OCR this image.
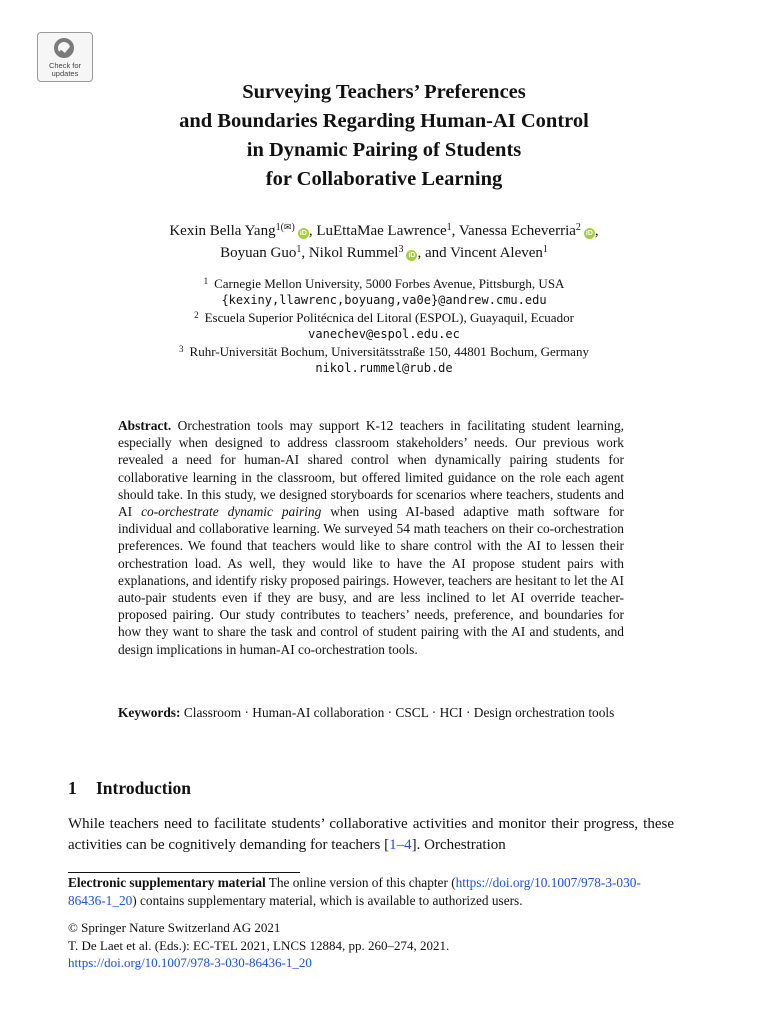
Check for
updates
Surveying Teachers’ Preferences
and Boundaries Regarding Human-AI Control
in Dynamic Pairing of Students
for Collaborative Learning
Kexin Bella Yang$^{1(✉)}$iD , LuEttaMae Lawrence$^1$, Vanessa Echeverria$^2$iD ,
Boyuan Guo$^1$, Nikol Rummel$^3$iD , and Vincent Aleven$^1$
$^1$ Carnegie Mellon University, 5000 Forbes Avenue, Pittsburgh, USA
{kexiny,llawrenc,boyuang,va0e}@andrew.cmu.edu
$^2$ Escuela Superior Politécnica del Litoral (ESPOL), Guayaquil, Ecuador
vanechev@espol.edu.ec
$^3$ Ruhr-Universität Bochum, Universitätsstraße 150, 44801 Bochum, Germany
nikol.rummel@rub.de
Abstract. Orchestration tools may support K-12 teachers in facilitating student learning, especially when designed to address classroom stakeholders’ needs. Our previous work revealed a need for human-AI shared control when dynamically pairing students for collaborative learning in the classroom, but offered limited guidance on the role each agent should take. In this study, we designed storyboards for scenarios where teachers, students and AI co-orchestrate dynamic pairing when using AI-based adaptive math software for individual and collaborative learning. We surveyed 54 math teachers on their co-orchestration preferences. We found that teachers would like to share control with the AI to lessen their orchestration load. As well, they would like to have the AI propose student pairs with explanations, and identify risky proposed pairings. However, teachers are hesitant to let the AI auto-pair students even if they are busy, and are less inclined to let AI override teacher-proposed pairing. Our study contributes to teachers’ needs, preference, and boundaries for how they want to share the task and control of student pairing with the AI and students, and design implications in human-AI co-orchestration tools.
Keywords: Classroom · Human-AI collaboration · CSCL · HCI · Design orchestration tools
1 Introduction
While teachers need to facilitate students’ collaborative activities and monitor their progress, these activities can be cognitively demanding for teachers [1–4]. Orchestration
Electronic supplementary material The online version of this chapter (https://doi.org/10.1007/978-3-030-86436-1_20) contains supplementary material, which is available to authorized users.
© Springer Nature Switzerland AG 2021
T. De Laet et al. (Eds.): EC-TEL 2021, LNCS 12884, pp. 260–274, 2021.
https://doi.org/10.1007/978-3-030-86436-1_20
